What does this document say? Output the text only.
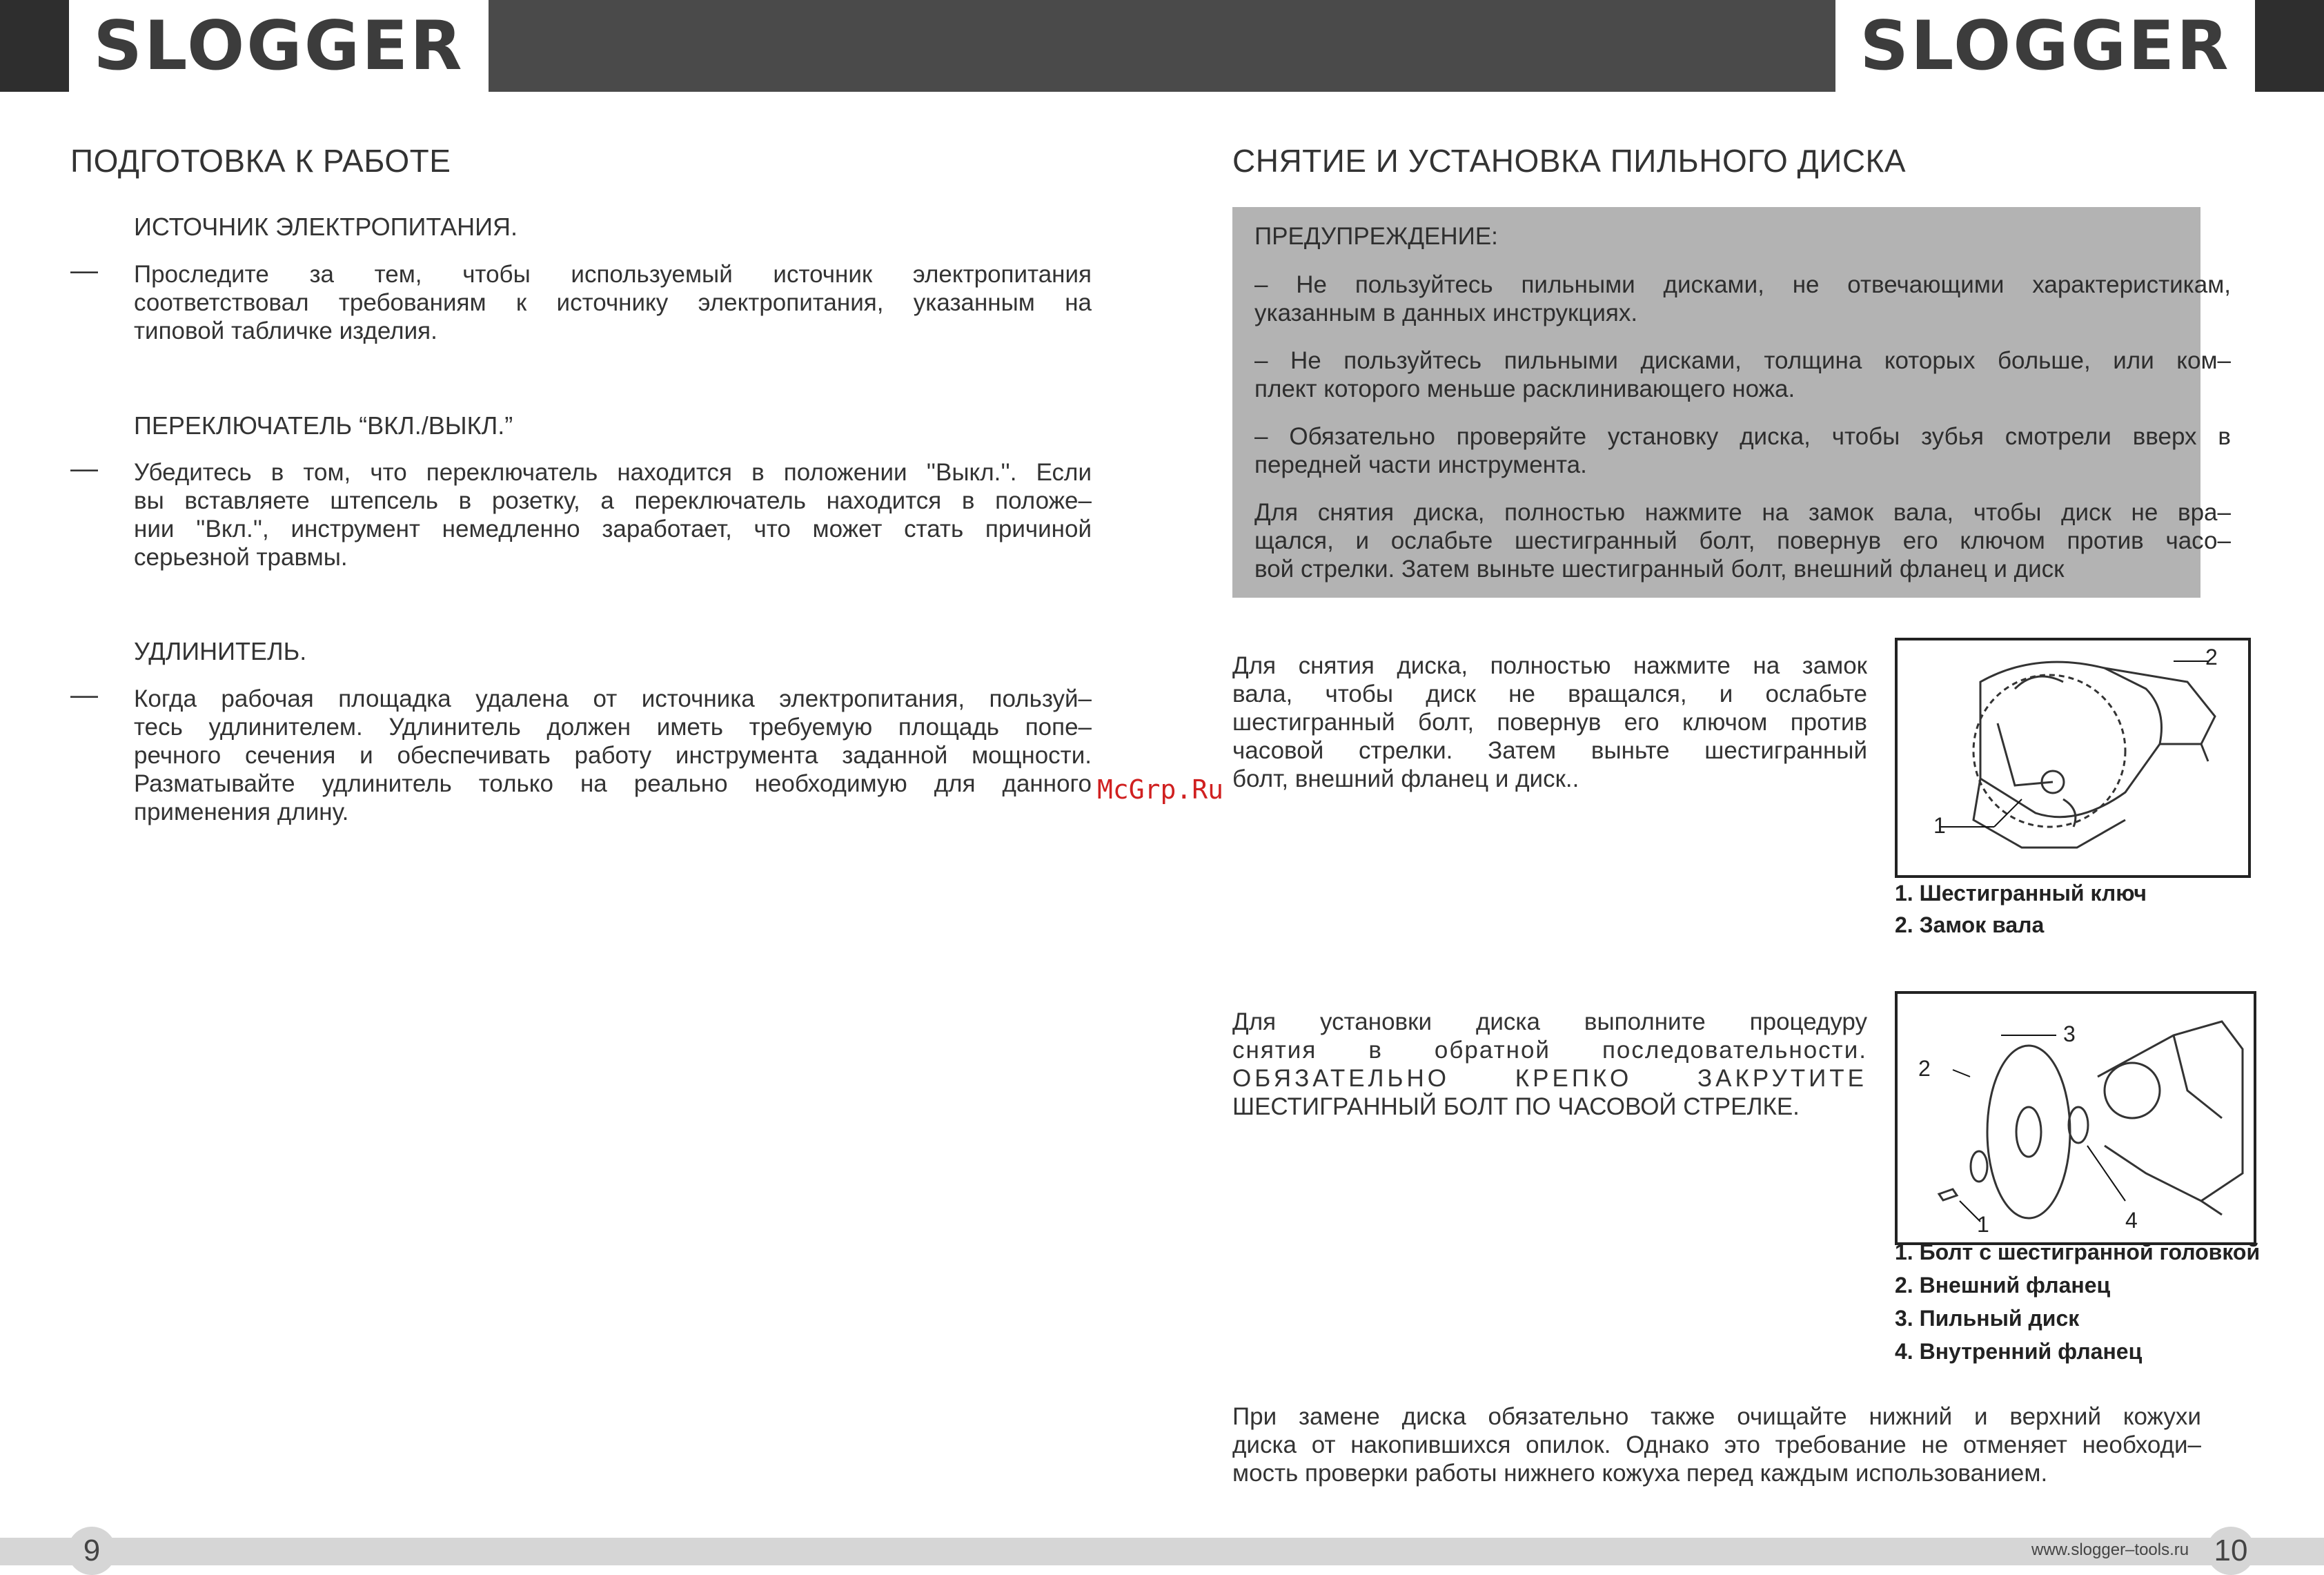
SLOGGER	SLOGGER
ПОДГОТОВКА К РАБОТЕ
ИСТОЧНИК ЭЛЕКТРОПИТАНИЯ.
— Проследите за тем, чтобы используемый источник электропитания
соответствовал требованиям к источнику электропитания, указанным на
типовой табличке изделия.
ПЕРЕКЛЮЧАТЕЛЬ “ВКЛ./ВЫКЛ.”
— Убедитесь в том, что переключатель находится в положении ''Выкл.''. Если
вы вставляете штепсель в розетку, а переключатель находится в положе–
нии ''Вкл.'', инструмент немедленно заработает, что может стать причиной
серьезной травмы.
УДЛИНИТЕЛЬ.
— Когда рабочая площадка удалена от источника электропитания, пользуй–
тесь удлинителем. Удлинитель должен иметь требуемую площадь попе–
речного сечения и обеспечивать работу инструмента заданной мощности.
Разматывайте удлинитель только на реально необходимую для данного
применения длину.
McGrp.Ru
СНЯТИЕ И УСТАНОВКА ПИЛЬНОГО ДИСКА
ПРЕДУПРЕЖДЕНИЕ:
– Не пользуйтесь пильными дисками, не отвечающими характеристикам,
указанным в данных инструкциях.
– Не пользуйтесь пильными дисками, толщина которых больше, или ком–
плект которого меньше расклинивающего ножа.
– Обязательно проверяйте установку диска, чтобы зубья смотрели вверх в
передней части инструмента.
Для снятия диска, полностью нажмите на замок вала, чтобы диск не вра–
щался, и ослабьте шестигранный болт, повернув его ключом против часо–
вой стрелки. Затем выньте шестигранный болт, внешний фланец и диск
Для снятия диска, полностью нажмите на замок
вала, чтобы диск не вращался, и ослабьте
шестигранный болт, повернув его ключом против
часовой стрелки. Затем выньте шестигранный
болт, внешний фланец и диск..
2
1
1. Шестигранный ключ
2. Замок вала
Для установки диска выполните процедуру
снятия в обратной последовательности.
ОБЯЗАТЕЛЬНО КРЕПКО ЗАКРУТИТЕ
ШЕСТИГРАННЫЙ БОЛТ ПО ЧАСОВОЙ СТРЕЛКЕ.
3
2
1	4
1. Болт с шестигранной головкой
2. Внешний фланец
3. Пильный диск
4. Внутренний фланец
При замене диска обязательно также очищайте нижний и верхний кожухи
диска от накопившихся опилок. Однако это требование не отменяет необходи–
мость проверки работы нижнего кожуха перед каждым использованием.
9	10
www.slogger–tools.ru
